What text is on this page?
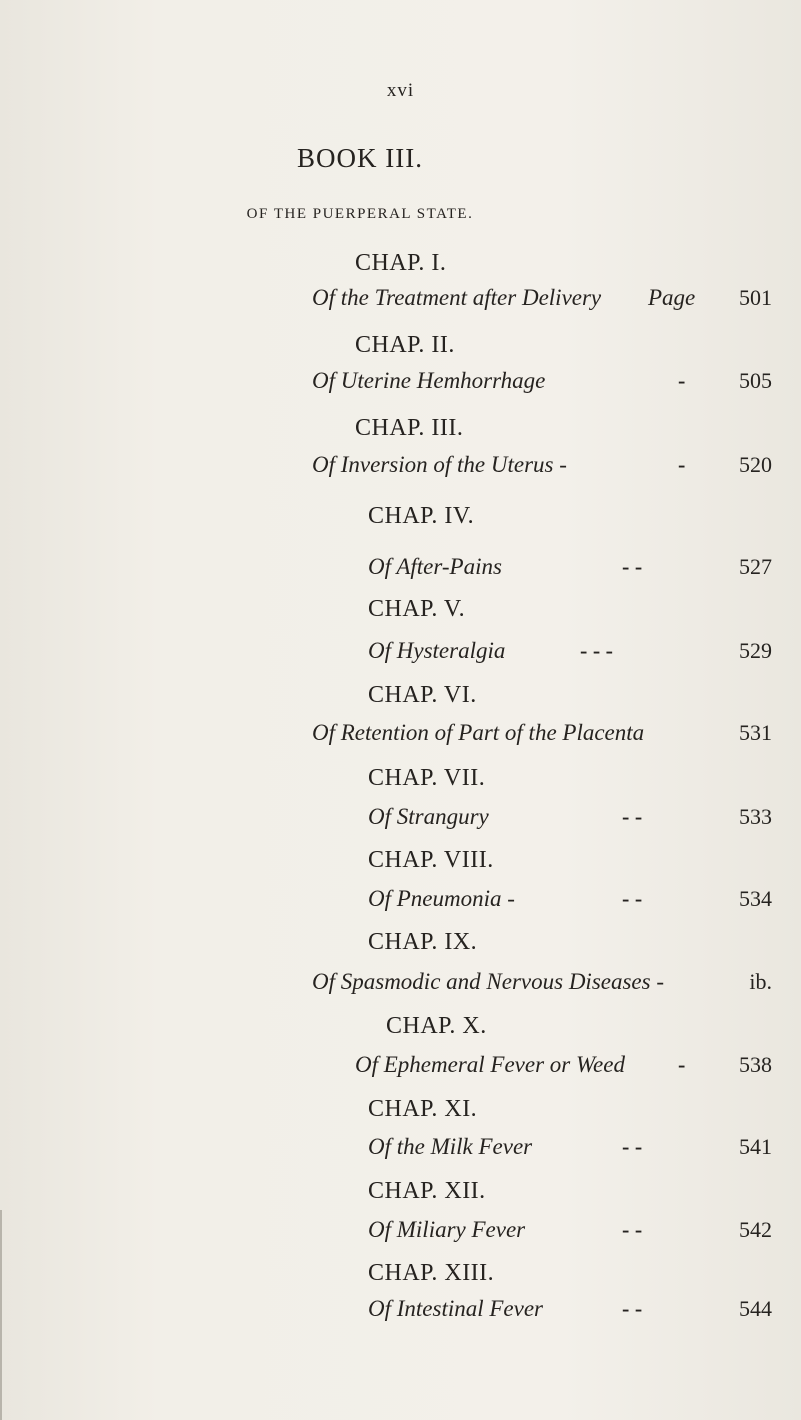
xvi
BOOK III.
OF THE PUERPERAL STATE.
CHAP. I.
Of the Treatment after Delivery Page	501
CHAP. II.
Of Uterine Hemhorrhage	-	505
CHAP. III.
Of Inversion of the Uterus -	-	520
CHAP. IV.
Of After-Pains	- -	527
CHAP. V.
Of Hysteralgia	- - -	529
CHAP. VI.
Of Retention of Part of the Placenta	531
CHAP. VII.
Of Strangury	- -	533
CHAP. VIII.
Of Pneumonia -	- -	534
CHAP. IX.
Of Spasmodic and Nervous Diseases -	ib.
CHAP. X.
Of Ephemeral Fever or Weed -	538
CHAP. XI.
Of the Milk Fever	- -	541
CHAP. XII.
Of Miliary Fever	- -	542
CHAP. XIII.
Of Intestinal Fever	- -	544
